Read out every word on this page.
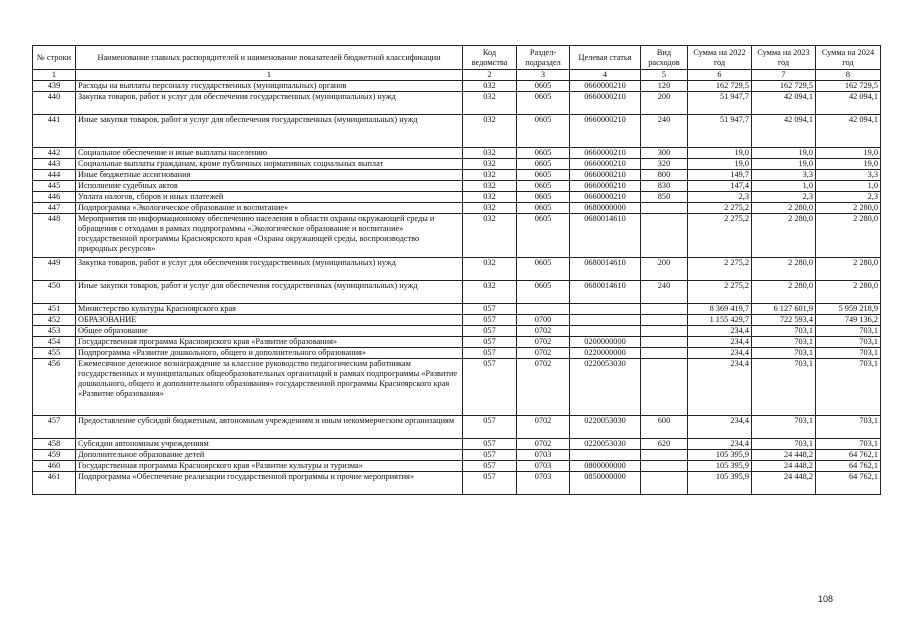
№ строки	Наименование главных распорядителей и наименование показателей бюджетной классификации	Код ведомства	Раздел-подраздел	Целевая статья	Вид расходов	Сумма на 2022 год	Сумма на 2023 год	Сумма на 2024 год
1	1	2	3	4	5	6	7	8
439	Расходы на выплаты персоналу государственных (муниципальных) органов	032	0605	0660000210	120	162 729,5	162 729,5	162 729,5
440	Закупка товаров, работ и услуг для обеспечения государственных (муниципальных) нужд	032	0605	0660000210	200	51 947,7	42 094,1	42 094,1
441	Иные закупки товаров, работ и услуг для обеспечения государственных (муниципальных) нужд	032	0605	0660000210	240	51 947,7	42 094,1	42 094,1
442	Социальное обеспечение и иные выплаты населению	032	0605	0660000210	300	19,0	19,0	19,0
443	Социальные выплаты гражданам, кроме публичных нормативных социальных выплат	032	0605	0660000210	320	19,0	19,0	19,0
444	Иные бюджетные ассигнования	032	0605	0660000210	800	149,7	3,3	3,3
445	Исполнение судебных актов	032	0605	0660000210	830	147,4	1,0	1,0
446	Уплата налогов, сборов и иных платежей	032	0605	0660000210	850	2,3	2,3	2,3
447	Подпрограмма «Экологическое образование и воспитание»	032	0605	0680000000		2 275,2	2 280,0	2 280,0
448	Мероприятия по информационному обеспечению населения в области охраны окружающей среды и обращения с отходами в рамках подпрограммы «Экологическое образование и воспитание» государственной программы Красноярского края «Охрана окружающей среды, воспроизводство природных ресурсов»	032	0605	0680014610		2 275,2	2 280,0	2 280,0
449	Закупка товаров, работ и услуг для обеспечения государственных (муниципальных) нужд	032	0605	0680014610	200	2 275,2	2 280,0	2 280,0
450	Иные закупки товаров, работ и услуг для обеспечения государственных (муниципальных) нужд	032	0605	0680014610	240	2 275,2	2 280,0	2 280,0
451	Министерство культуры Красноярского края	057				8 369 419,7	6 127 601,9	5 959 218,9
452	ОБРАЗОВАНИЕ	057	0700			1 155 429,7	722 593,4	749 136,2
453	Общее образование	057	0702			234,4	703,1	703,1
454	Государственная программа Красноярского края «Развитие образования»	057	0702	0200000000		234,4	703,1	703,1
455	Подпрограмма «Развитие дошкольного, общего и дополнительного образования»	057	0702	0220000000		234,4	703,1	703,1
456	Ежемесячное денежное вознаграждение за классное руководство педагогическим работникам государственных и муниципальных общеобразовательных организаций в рамках подпрограммы «Развитие дошкольного, общего и дополнительного образования» государственной программы Красноярского края «Развитие образования»	057	0702	0220053030		234,4	703,1	703,1
457	Предоставление субсидий бюджетным, автономным учреждениям и иным некоммерческим организациям	057	0702	0220053030	600	234,4	703,1	703,1
458	Субсидии автономным учреждениям	057	0702	0220053030	620	234,4	703,1	703,1
459	Дополнительное образование детей	057	0703			105 395,9	24 448,2	64 762,1
460	Государственная программа Красноярского края «Развитие культуры и туризма»	057	0703	0800000000		105 395,9	24 448,2	64 762,1
461	Подпрограмма «Обеспечение реализации государственной программы и прочие мероприятия»	057	0703	0850000000		105 395,9	24 448,2	64 762,1
108
